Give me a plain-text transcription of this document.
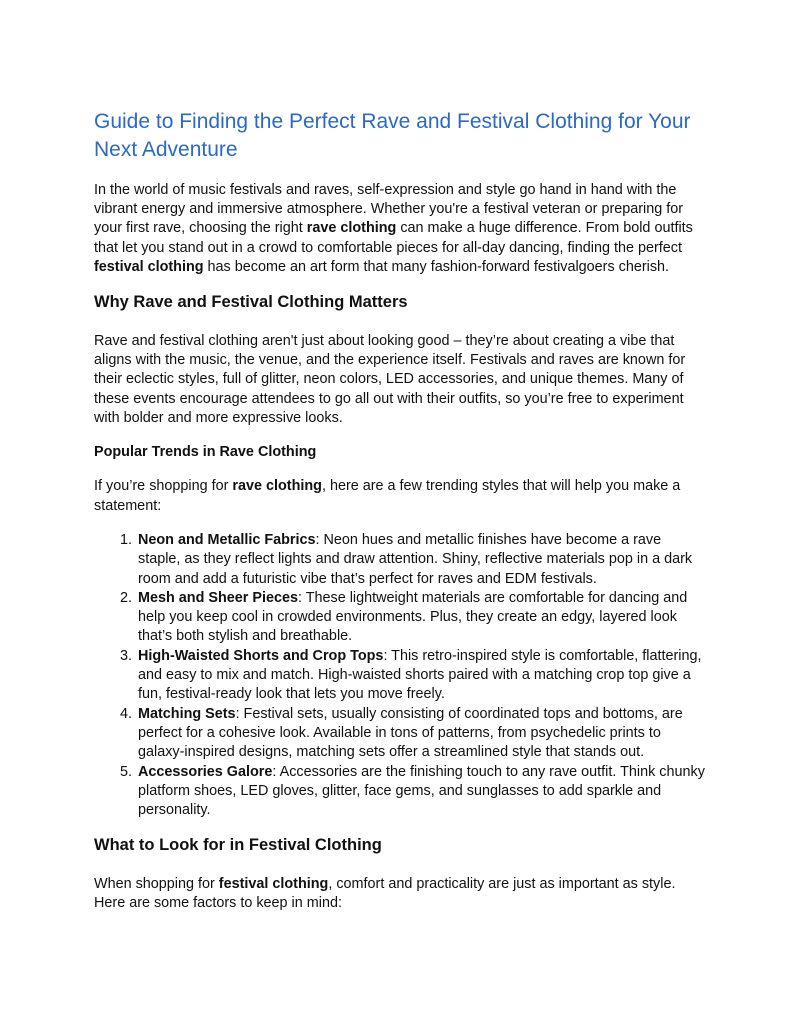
Guide to Finding the Perfect Rave and Festival Clothing for Your Next Adventure

In the world of music festivals and raves, self-expression and style go hand in hand with the vibrant energy and immersive atmosphere. Whether you're a festival veteran or preparing for your first rave, choosing the right rave clothing can make a huge difference. From bold outfits that let you stand out in a crowd to comfortable pieces for all-day dancing, finding the perfect festival clothing has become an art form that many fashion-forward festivalgoers cherish.

Why Rave and Festival Clothing Matters

Rave and festival clothing aren't just about looking good – they’re about creating a vibe that aligns with the music, the venue, and the experience itself. Festivals and raves are known for their eclectic styles, full of glitter, neon colors, LED accessories, and unique themes. Many of these events encourage attendees to go all out with their outfits, so you’re free to experiment with bolder and more expressive looks.

Popular Trends in Rave Clothing

If you’re shopping for rave clothing, here are a few trending styles that will help you make a statement:

1. Neon and Metallic Fabrics: Neon hues and metallic finishes have become a rave staple, as they reflect lights and draw attention. Shiny, reflective materials pop in a dark room and add a futuristic vibe that’s perfect for raves and EDM festivals.
2. Mesh and Sheer Pieces: These lightweight materials are comfortable for dancing and help you keep cool in crowded environments. Plus, they create an edgy, layered look that’s both stylish and breathable.
3. High-Waisted Shorts and Crop Tops: This retro-inspired style is comfortable, flattering, and easy to mix and match. High-waisted shorts paired with a matching crop top give a fun, festival-ready look that lets you move freely.
4. Matching Sets: Festival sets, usually consisting of coordinated tops and bottoms, are perfect for a cohesive look. Available in tons of patterns, from psychedelic prints to galaxy-inspired designs, matching sets offer a streamlined style that stands out.
5. Accessories Galore: Accessories are the finishing touch to any rave outfit. Think chunky platform shoes, LED gloves, glitter, face gems, and sunglasses to add sparkle and personality.
What to Look for in Festival Clothing

When shopping for festival clothing, comfort and practicality are just as important as style. Here are some factors to keep in mind:
